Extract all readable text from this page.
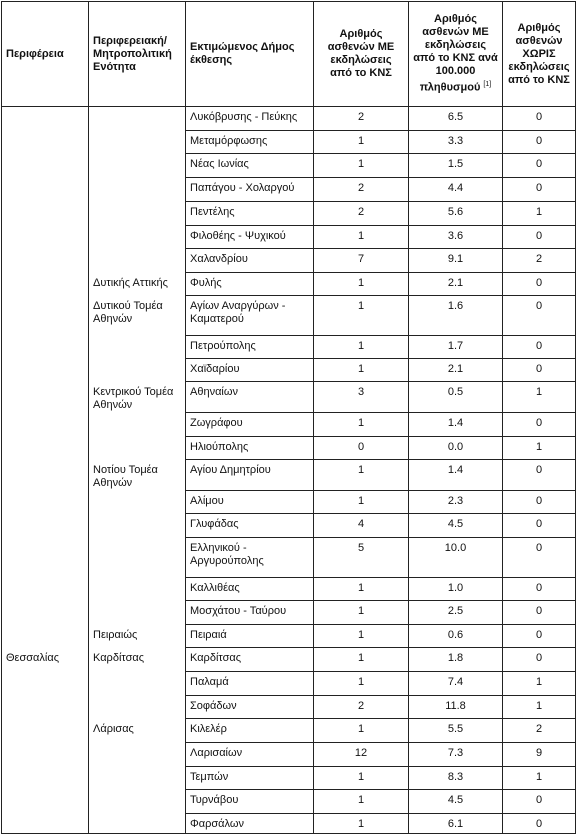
Περιφέρεια	Περιφερειακή/ Μητροπολιτική Ενότητα	Εκτιμώμενος Δήμος έκθεσης	Αριθμός ασθενών ΜΕ εκδηλώσεις από το ΚΝΣ	Αριθμός ασθενών ΜΕ εκδηλώσεις από το ΚΝΣ ανά 100.000 πληθυσμού [1]	Αριθμός ασθενών ΧΩΡΙΣ εκδηλώσεις από το ΚΝΣ
		Λυκόβρυσης - Πεύκης	2	6.5	0
		Μεταμόρφωσης	1	3.3	0
		Νέας Ιωνίας	1	1.5	0
		Παπάγου - Χολαργού	2	4.4	0
		Πεντέλης	2	5.6	1
		Φιλοθέης - Ψυχικού	1	3.6	0
		Χαλανδρίου	7	9.1	2
	Δυτικής Αττικής	Φυλής	1	2.1	0
	Δυτικού Τομέα Αθηνών	Αγίων Αναργύρων - Καματερού	1	1.6	0
		Πετρούπολης	1	1.7	0
		Χαϊδαρίου	1	2.1	0
	Κεντρικού Τομέα Αθηνών	Αθηναίων	3	0.5	1
		Ζωγράφου	1	1.4	0
		Ηλιούπολης	0	0.0	1
	Νοτίου Τομέα Αθηνών	Αγίου Δημητρίου	1	1.4	0
		Αλίμου	1	2.3	0
		Γλυφάδας	4	4.5	0
		Ελληνικού - Αργυρούπολης	5	10.0	0
		Καλλιθέας	1	1.0	0
		Μοσχάτου - Ταύρου	1	2.5	0
	Πειραιώς	Πειραιά	1	0.6	0
Θεσσαλίας	Καρδίτσας	Καρδίτσας	1	1.8	0
		Παλαμά	1	7.4	1
		Σοφάδων	2	11.8	1
	Λάρισας	Κιλελέρ	1	5.5	2
		Λαρισαίων	12	7.3	9
		Τεμπών	1	8.3	1
		Τυρνάβου	1	4.5	0
		Φαρσάλων	1	6.1	0
